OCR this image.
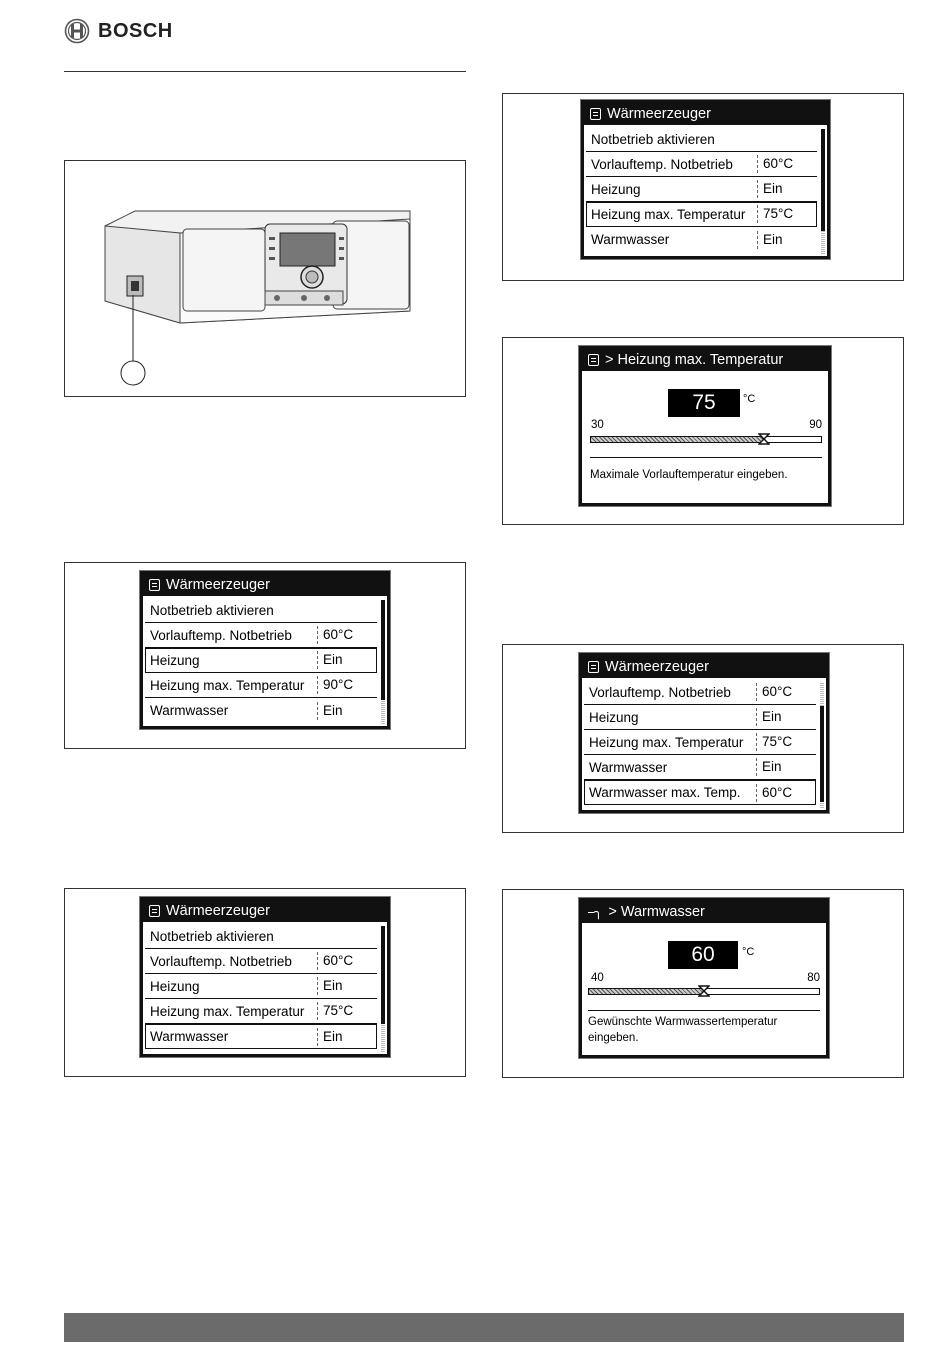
BOSCH
Wärmeerzeuger
Notbetrieb aktivieren
Vorlauftemp. Notbetrieb	60°C
Heizung	Ein
Heizung max. Temperatur	90°C
Warmwasser	Ein
Wärmeerzeuger
Notbetrieb aktivieren
Vorlauftemp. Notbetrieb	60°C
Heizung	Ein
Heizung max. Temperatur	75°C
Warmwasser	Ein
Wärmeerzeuger
Notbetrieb aktivieren
Vorlauftemp. Notbetrieb	60°C
Heizung	Ein
Heizung max. Temperatur	75°C
Warmwasser	Ein
> Heizung max. Temperatur
75	°C
30	90
Maximale Vorlauftemperatur eingeben.
Wärmeerzeuger
Vorlauftemp. Notbetrieb	60°C
Heizung	Ein
Heizung max. Temperatur	75°C
Warmwasser	Ein
Warmwasser max. Temp.	60°C
⎯╮ > Warmwasser
60	°C
40	80
Gewünschte Warmwassertemperatur eingeben.
